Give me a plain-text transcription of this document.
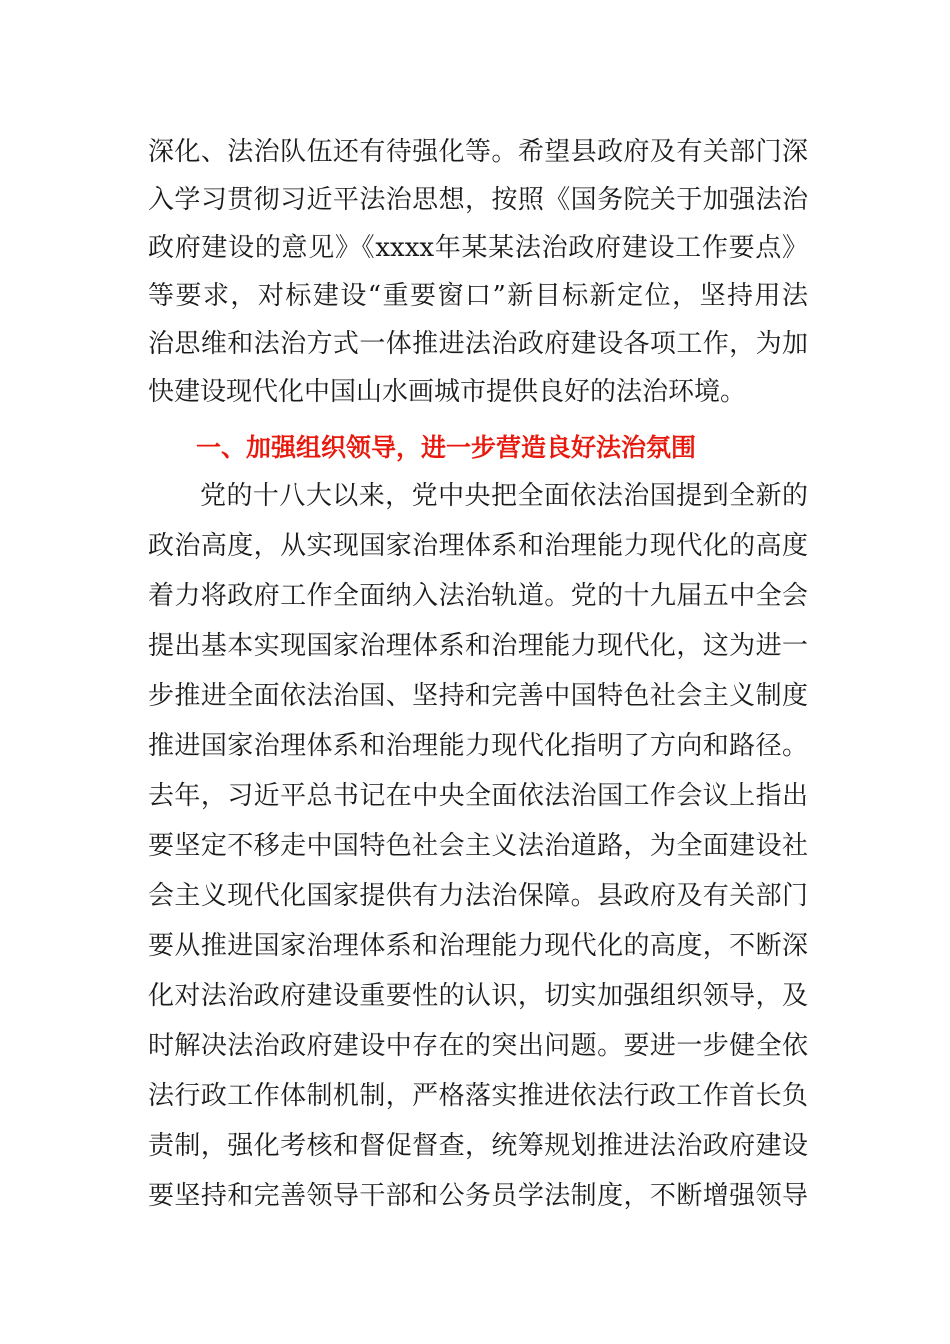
深化、法治队伍还有待强化等。希望县政府及有关部门深
入学习贯彻习近平法治思想，按照《国务院关于加强法治
政府建设的意见》《xxxx年某某法治政府建设工作要点》
等要求，对标建设“重要窗口”新目标新定位，坚持用法
治思维和法治方式一体推进法治政府建设各项工作，为加
快建设现代化中国山水画城市提供良好的法治环境。
一、加强组织领导，进一步营造良好法治氛围
党的十八大以来，党中央把全面依法治国提到全新的
政治高度，从实现国家治理体系和治理能力现代化的高度
着力将政府工作全面纳入法治轨道。党的十九届五中全会
提出基本实现国家治理体系和治理能力现代化，这为进一
步推进全面依法治国、坚持和完善中国特色社会主义制度
推进国家治理体系和治理能力现代化指明了方向和路径。
去年，习近平总书记在中央全面依法治国工作会议上指出
要坚定不移走中国特色社会主义法治道路，为全面建设社
会主义现代化国家提供有力法治保障。县政府及有关部门
要从推进国家治理体系和治理能力现代化的高度，不断深
化对法治政府建设重要性的认识，切实加强组织领导，及
时解决法治政府建设中存在的突出问题。要进一步健全依
法行政工作体制机制，严格落实推进依法行政工作首长负
责制，强化考核和督促督查，统筹规划推进法治政府建设
要坚持和完善领导干部和公务员学法制度，不断增强领导
